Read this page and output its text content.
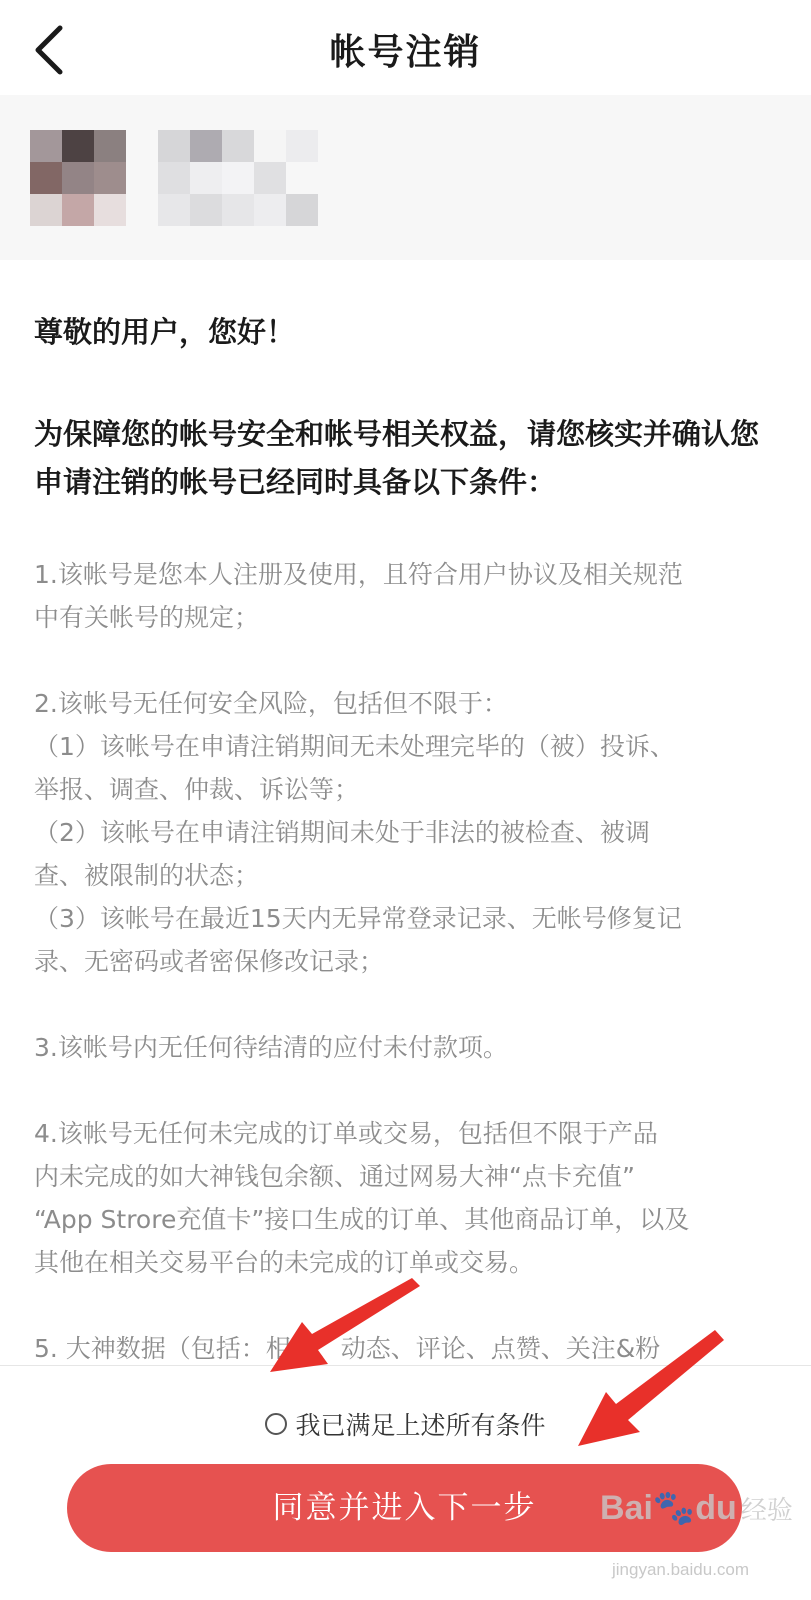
帐号注销
尊敬的用户，您好！
为保障您的帐号安全和帐号相关权益，请您核实并确认您申请注销的帐号已经同时具备以下条件：
1.该帐号是您本人注册及使用，且符合用户协议及相关规范
中有关帐号的规定；
2.该帐号无任何安全风险，包括但不限于：
（1）该帐号在申请注销期间无未处理完毕的（被）投诉、
举报、调查、仲裁、诉讼等；
（2）该帐号在申请注销期间未处于非法的被检查、被调
查、被限制的状态；
（3）该帐号在最近15天内无异常登录记录、无帐号修复记
录、无密码或者密保修改记录；
3.该帐号内无任何待结清的应付未付款项。
4.该帐号无任何未完成的订单或交易，包括但不限于产品
内未完成的如大神钱包余额、通过网易大神“点卡充值”
“App Strore充值卡”接口生成的订单、其他商品订单，以及
其他在相关交易平台的未完成的订单或交易。
5. 大神数据（包括：相册、动态、评论、点赞、关注&粉
我已满足上述所有条件
同意并进入下一步	Bai🐾du 经验
jingyan.baidu.com
